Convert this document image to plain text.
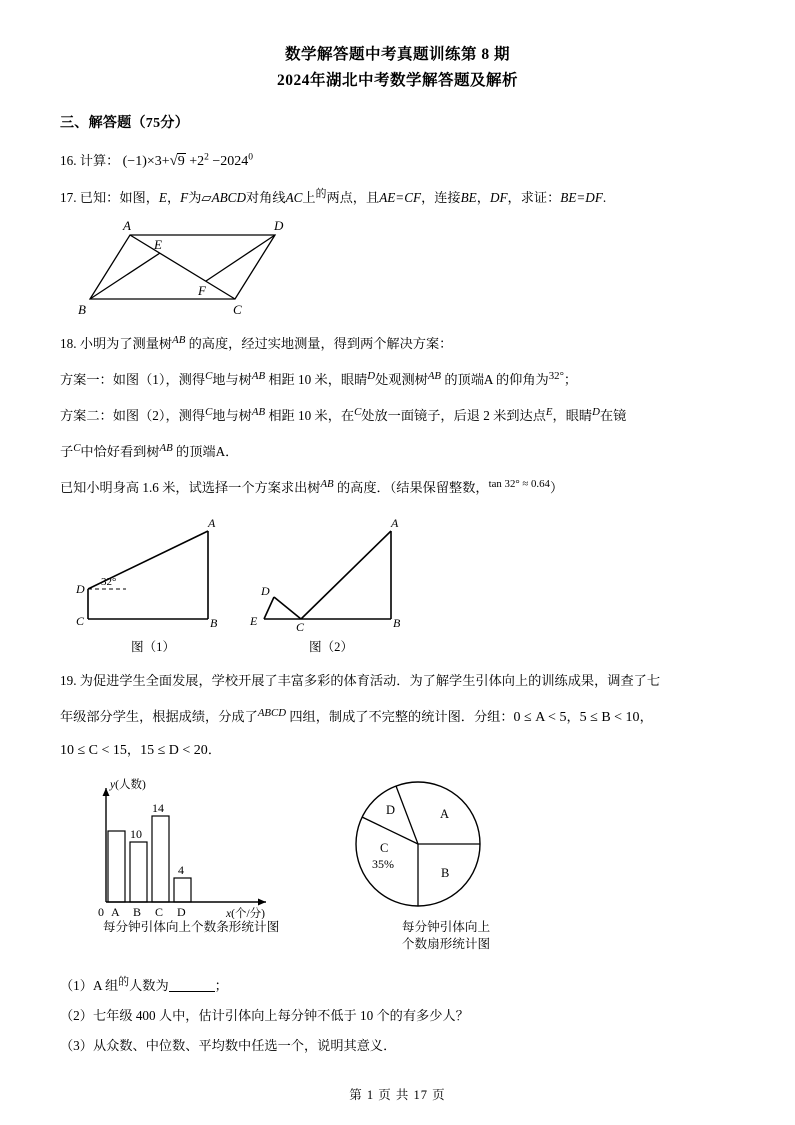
数学解答题中考真题训练第 8 期
2024年湖北中考数学解答题及解析
三、解答题（75分）
16. 计算： $(-1)\times 3+√9 +2^2 -2024^0$
17. 已知：如图，E，F为▱ABCD对角线AC上$^的$两点，且AE=CF，连接BE，DF，求证：BE=DF.
A	D
B	C
E
F
18. 小明为了测量树$^{AB}$ 的高度，经过实地测量，得到两个解决方案：
方案一：如图（1），测得$^C$地与树$^{AB}$ 相距 10 米，眼睛$^D$处观测树$^{AB}$ 的顶端A 的仰角为$^{32^\circ}$；
方案二：如图（2），测得$^C$地与树$^{AB}$ 相距 10 米，在$^C$处放一面镜子，后退 2 米到达点$^E$，眼睛$^D$在镜
子$^C$中恰好看到树$^{AB}$ 的顶端A．
已知小明身高 1.6 米，试选择一个方案求出树$^{AB}$ 的高度．（结果保留整数，$^{tan 32^\circ \approx 0.64}$）
D
C	B
A
32°
图（1）
D
E	C	B
A
图（2）
19. 为促进学生全面发展，学校开展了丰富多彩的体育活动．为了解学生引体向上的训练成果，调查了七
年级部分学生，根据成绩，分成了$^{ABCD}$ 四组，制成了不完整的统计图．分组：0 ≤ A < 5，5 ≤ B < 10，
10 ≤ C < 15，15 ≤ D < 20．
10
14
4
y(人数)
x(个/分)
0 A B C D
每分钟引体向上个数条形统计图
A
B
C
35%
D
每分钟引体向上
个数扇形统计图
（1）A 组$^的$人数为	；
（2）七年级 400 人中，估计引体向上每分钟不低于 10 个的有多少人？
（3）从众数、中位数、平均数中任选一个，说明其意义．
第 1 页 共 17 页
